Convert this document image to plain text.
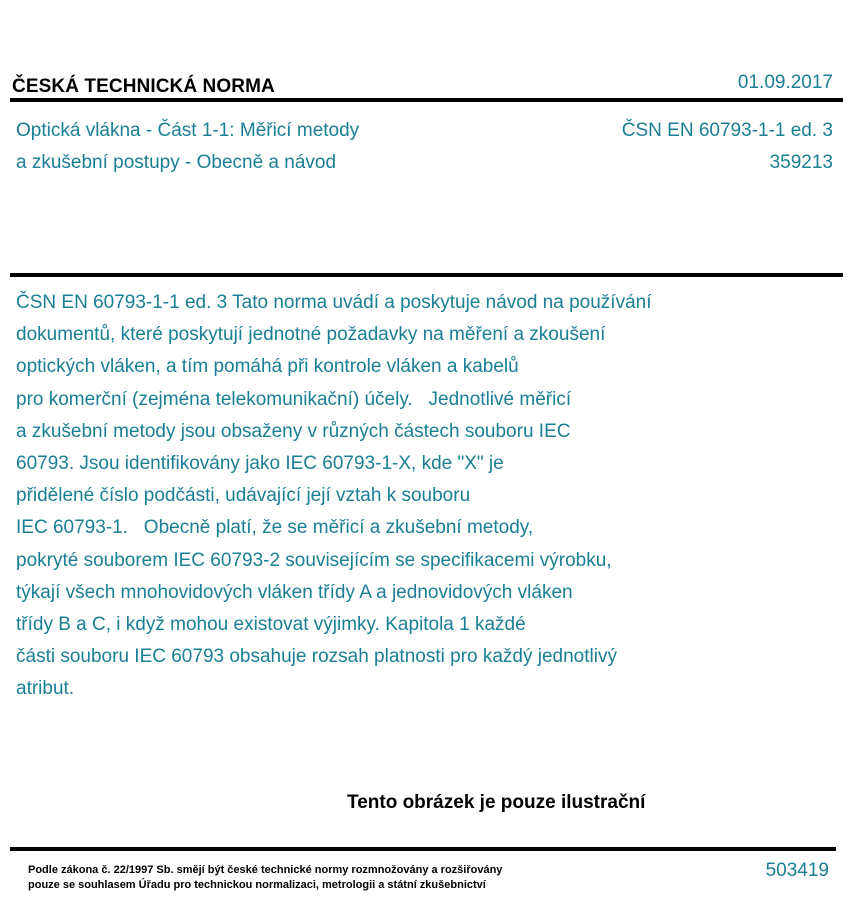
ČESKÁ TECHNICKÁ NORMA	01.09.2017
Optická vlákna - Část 1-1: Měřicí metody
a zkušební postupy - Obecně a návod
ČSN EN 60793-1-1 ed. 3
359213
ČSN EN 60793-1-1 ed. 3 Tato norma uvádí a poskytuje návod na používání
dokumentů, které poskytují jednotné požadavky na měření a zkoušení
optických vláken, a tím pomáhá při kontrole vláken a kabelů
pro komerční (zejména telekomunikační) účely.   Jednotlivé měřicí
a zkušební metody jsou obsaženy v různých částech souboru IEC
60793. Jsou identifikovány jako IEC 60793-1-X, kde "X" je
přidělené číslo podčásti, udávající její vztah k souboru
IEC 60793-1.   Obecně platí, že se měřicí a zkušební metody,
pokryté souborem IEC 60793-2 souvisejícím se specifikacemi výrobku,
týkají všech mnohovidových vláken třídy A a jednovidových vláken
třídy B a C, i když mohou existovat výjimky. Kapitola 1 každé
části souboru IEC 60793 obsahuje rozsah platnosti pro každý jednotlivý
atribut.
Tento obrázek je pouze ilustrační
Podle zákona č. 22/1997 Sb. smějí být české technické normy rozmnožovány a rozšiřovány
pouze se souhlasem Úřadu pro technickou normalizaci, metrologii a státní zkušebnictví
503419
